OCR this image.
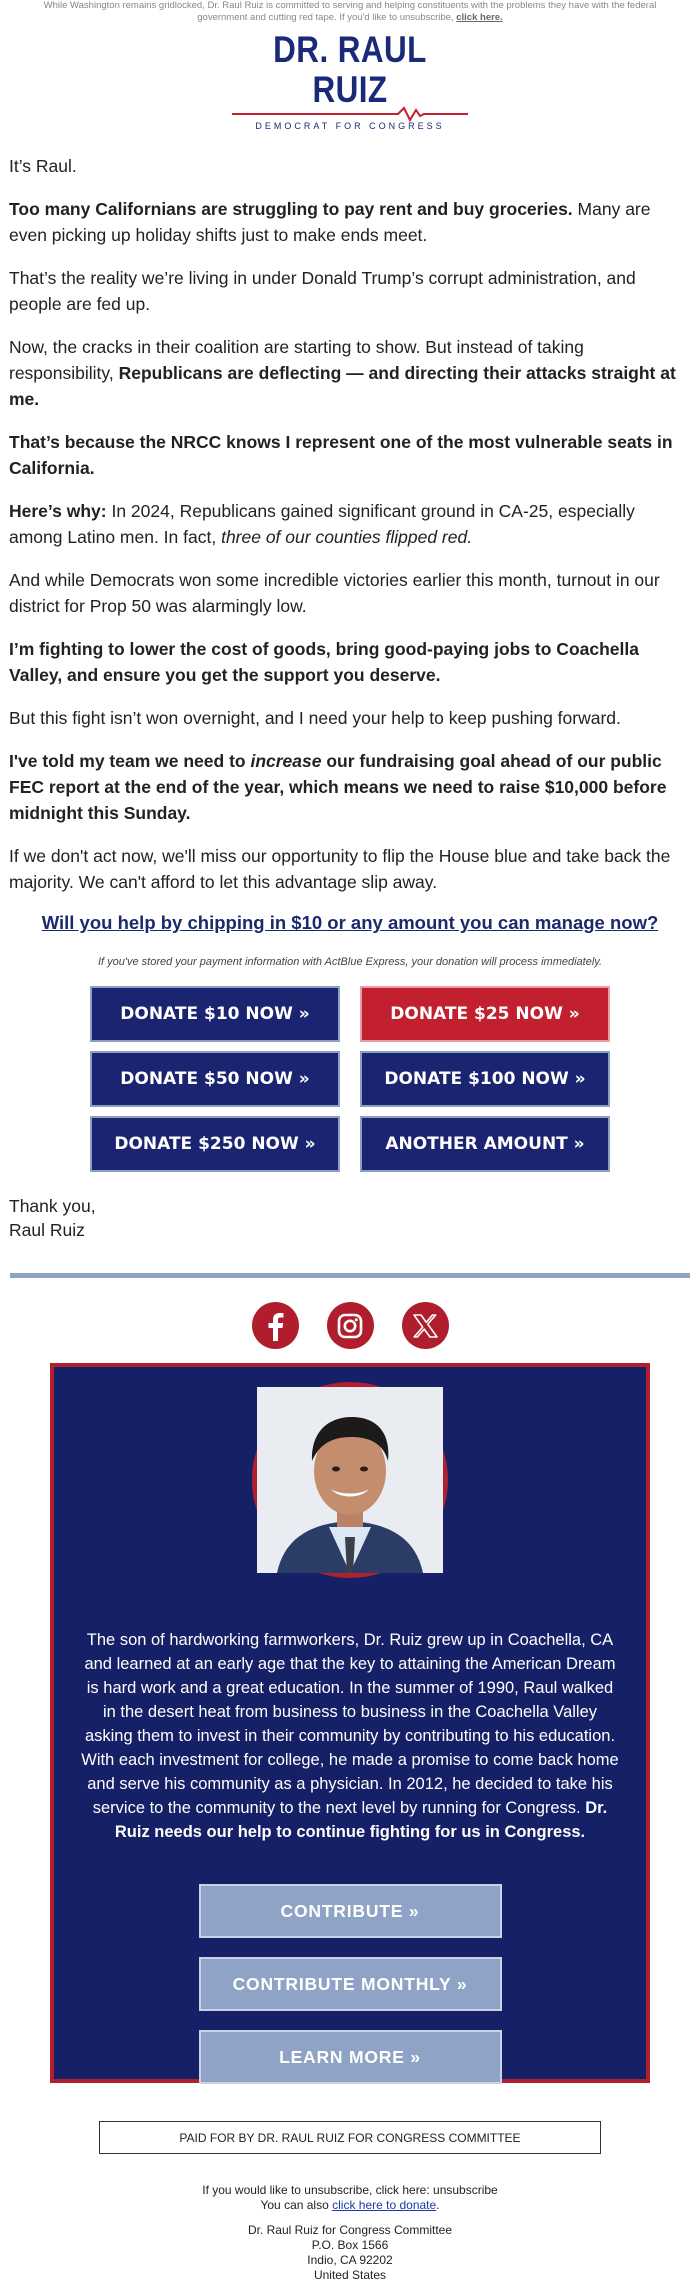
While Washington remains gridlocked, Dr. Raul Ruiz is committed to serving and helping constituents with the problems they have with the federal government and cutting red tape. If you'd like to unsubscribe, click here.
DR. RAUL RUIZ
DEMOCRAT FOR CONGRESS

It’s Raul.

Too many Californians are struggling to pay rent and buy groceries. Many are even picking up holiday shifts just to make ends meet.

That’s the reality we’re living in under Donald Trump’s corrupt administration, and people are fed up.

Now, the cracks in their coalition are starting to show. But instead of taking responsibility, Republicans are deflecting — and directing their attacks straight at me.

That’s because the NRCC knows I represent one of the most vulnerable seats in California.

Here’s why: In 2024, Republicans gained significant ground in CA-25, especially among Latino men. In fact, three of our counties flipped red.

And while Democrats won some incredible victories earlier this month, turnout in our district for Prop 50 was alarmingly low.

I’m fighting to lower the cost of goods, bring good-paying jobs to Coachella Valley, and ensure you get the support you deserve.

But this fight isn’t won overnight, and I need your help to keep pushing forward.

I've told my team we need to increase our fundraising goal ahead of our public FEC report at the end of the year, which means we need to raise $10,000 before midnight this Sunday.

If we don't act now, we'll miss our opportunity to flip the House blue and take back the majority. We can't afford to let this advantage slip away.

Will you help by chipping in $10 or any amount you can manage now?
If you've stored your payment information with ActBlue Express, your donation will process immediately.
DONATE $10 NOW »	DONATE $25 NOW »
DONATE $50 NOW »	DONATE $100 NOW »
DONATE $250 NOW »	ANOTHER AMOUNT »
Thank you,
Raul Ruiz
The son of hardworking farmworkers, Dr. Ruiz grew up in Coachella, CA and learned at an early age that the key to attaining the American Dream is hard work and a great education. In the summer of 1990, Raul walked in the desert heat from business to business in the Coachella Valley asking them to invest in their community by contributing to his education. With each investment for college, he made a promise to come back home and serve his community as a physician. In 2012, he decided to take his service to the community to the next level by running for Congress. Dr. Ruiz needs our help to continue fighting for us in Congress.
CONTRIBUTE »
CONTRIBUTE MONTHLY »
LEARN MORE »
PAID FOR BY DR. RAUL RUIZ FOR CONGRESS COMMITTEE
If you would like to unsubscribe, click here: unsubscribe
You can also click here to donate.
Dr. Raul Ruiz for Congress Committee
P.O. Box 1566
Indio, CA 92202
United States
